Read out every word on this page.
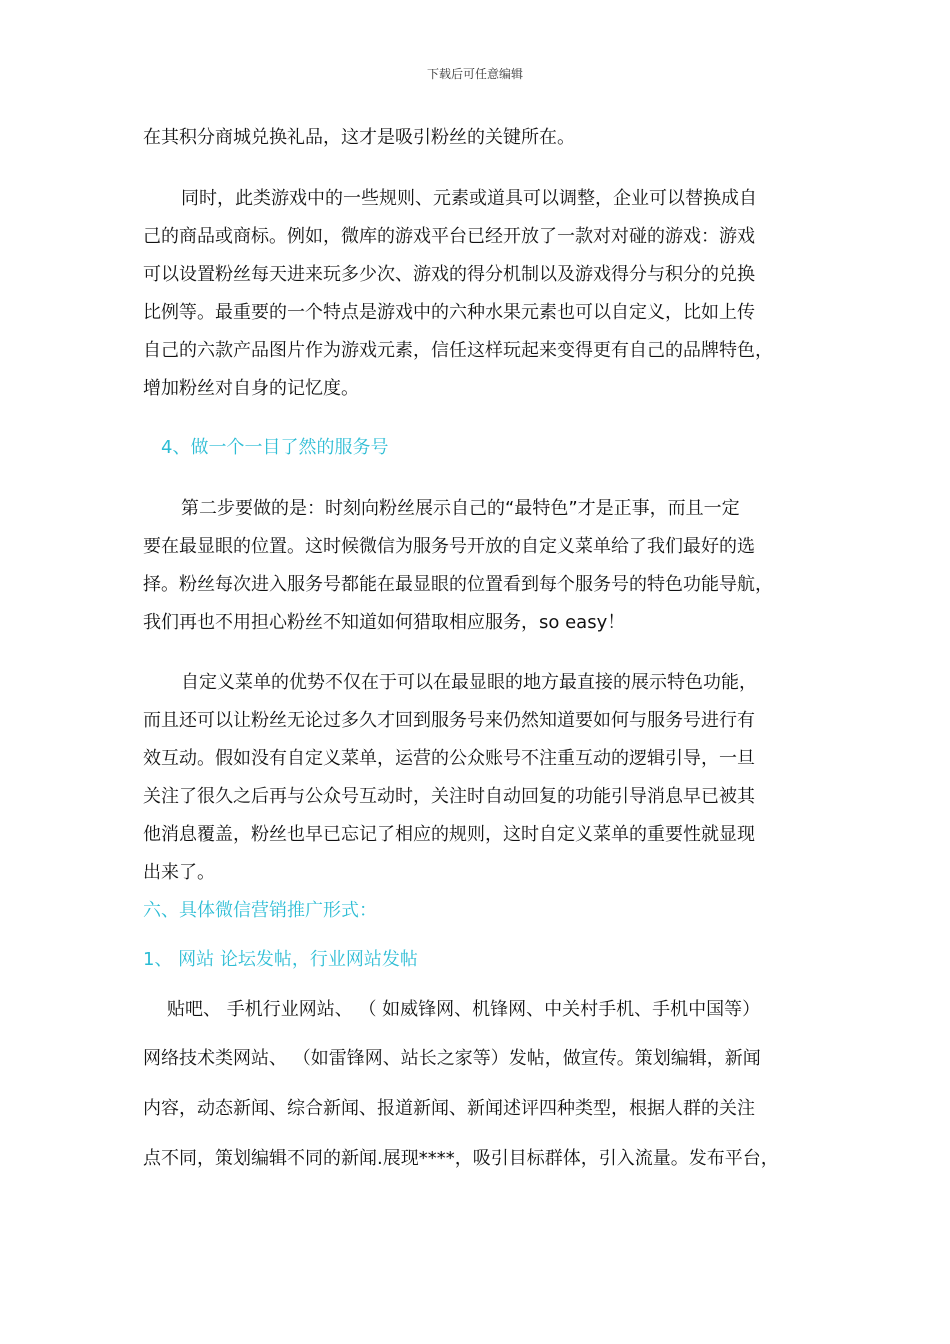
下载后可任意编辑
在其积分商城兑换礼品，这才是吸引粉丝的关键所在。
同时，此类游戏中的一些规则、元素或道具可以调整，企业可以替换成自
己的商品或商标。例如，微库的游戏平台已经开放了一款对对碰的游戏：游戏
可以设置粉丝每天进来玩多少次、游戏的得分机制以及游戏得分与积分的兑换
比例等。最重要的一个特点是游戏中的六种水果元素也可以自定义，比如上传
自己的六款产品图片作为游戏元素，信任这样玩起来变得更有自己的品牌特色，
增加粉丝对自身的记忆度。
4、做一个一目了然的服务号
第二步要做的是：时刻向粉丝展示自己的“最特色”才是正事，而且一定
要在最显眼的位置。这时候微信为服务号开放的自定义菜单给了我们最好的选
择。粉丝每次进入服务号都能在最显眼的位置看到每个服务号的特色功能导航，
我们再也不用担心粉丝不知道如何猎取相应服务，so easy！
自定义菜单的优势不仅在于可以在最显眼的地方最直接的展示特色功能，
而且还可以让粉丝无论过多久才回到服务号来仍然知道要如何与服务号进行有
效互动。假如没有自定义菜单，运营的公众账号不注重互动的逻辑引导，一旦
关注了很久之后再与公众号互动时，关注时自动回复的功能引导消息早已被其
他消息覆盖，粉丝也早已忘记了相应的规则，这时自定义菜单的重要性就显现
出来了。
六、具体微信营销推广形式：
1、 网站 论坛发帖，行业网站发帖
贴吧、 手机行业网站、 （ 如威锋网、机锋网、中关村手机、手机中国等）
网络技术类网站、 （如雷锋网、站长之家等）发帖，做宣传。策划编辑，新闻
内容，动态新闻、综合新闻、报道新闻、新闻述评四种类型，根据人群的关注
点不同，策划编辑不同的新闻.展现****，吸引目标群体，引入流量。发布平台，
